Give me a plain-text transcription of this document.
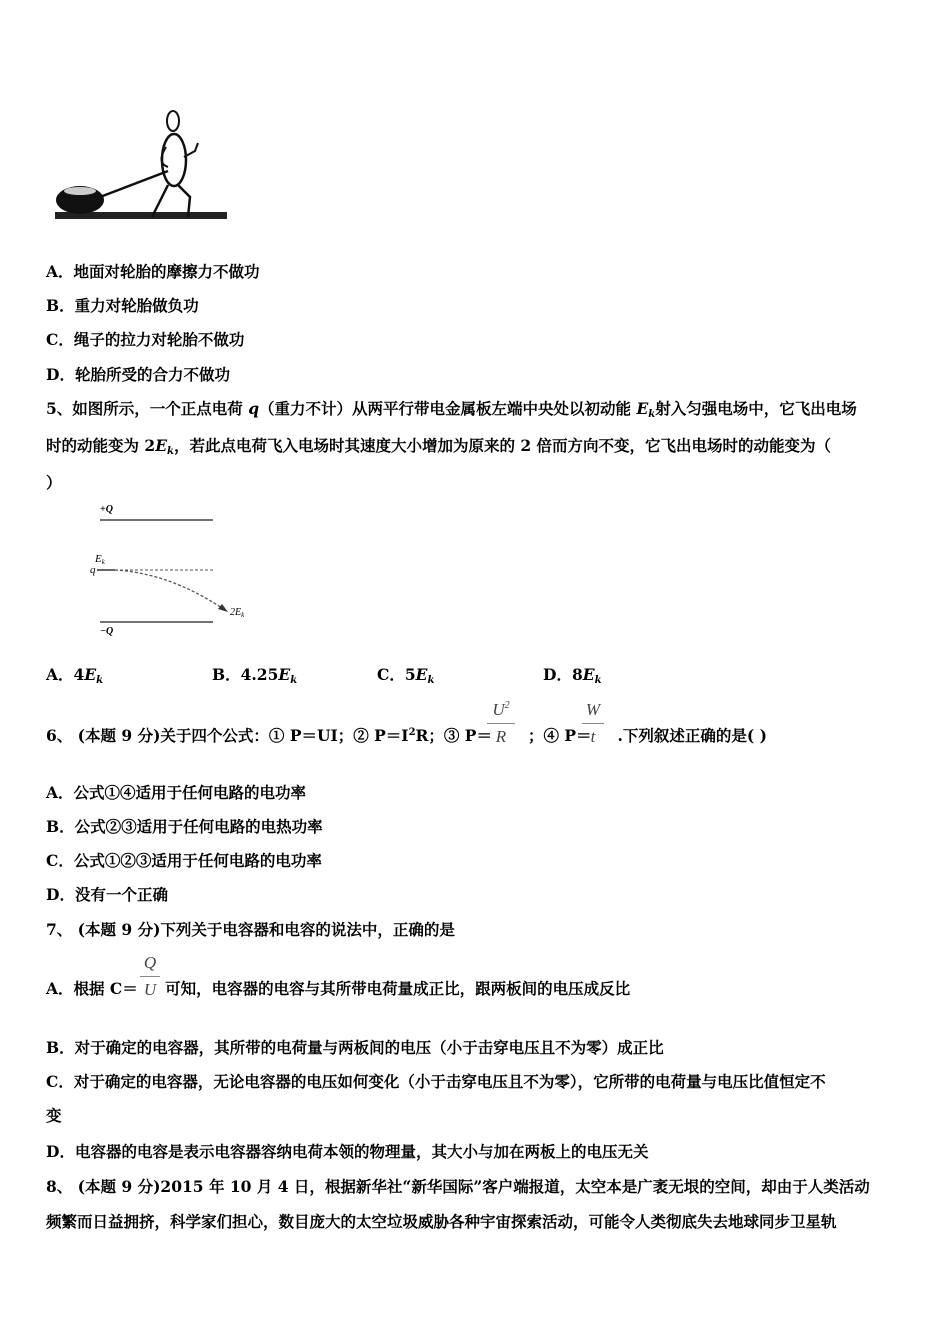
A．地面对轮胎的摩擦力不做功
B．重力对轮胎做负功
C．绳子的拉力对轮胎不做功
D．轮胎所受的合力不做功
5、如图所示，一个正点电荷 q（重力不计）从两平行带电金属板左端中央处以初动能 $E_k$射入匀强电场中，它飞出电场
时的动能变为 $2E_k$，若此点电荷飞入电场时其速度大小增加为原来的 2 倍而方向不变，它飞出电场时的动能变为（
）
+Q
Ek
q
$2E_k$
−Q
A．$4E_k$	B．$4.25E_k$	C．$5E_k$	D．$8E_k$
6、 (本题 9 分)关于四个公式：① P＝UI；② $P=I^2R$；③ P＝ ；④ P＝ .下列叙述正确的是( )
$U^2$
R
W
t
A．公式①④适用于任何电路的电功率
B．公式②③适用于任何电路的电热功率
C．公式①②③适用于任何电路的电功率
D．没有一个正确
7、 (本题 9 分)下列关于电容器和电容的说法中，正确的是
A．根据 C＝ 可知，电容器的电容与其所带电荷量成正比，跟两板间的电压成反比
Q
U
B．对于确定的电容器，其所带的电荷量与两板间的电压（小于击穿电压且不为零）成正比
C．对于确定的电容器，无论电容器的电压如何变化（小于击穿电压且不为零），它所带的电荷量与电压比值恒定不
变
D．电容器的电容是表示电容器容纳电荷本领的物理量，其大小与加在两板上的电压无关
8、 (本题 9 分)2015 年 10 月 4 日，根据新华社“新华国际”客户端报道，太空本是广袤无垠的空间，却由于人类活动
频繁而日益拥挤，科学家们担心，数目庞大的太空垃圾威胁各种宇宙探索活动，可能令人类彻底失去地球同步卫星轨
